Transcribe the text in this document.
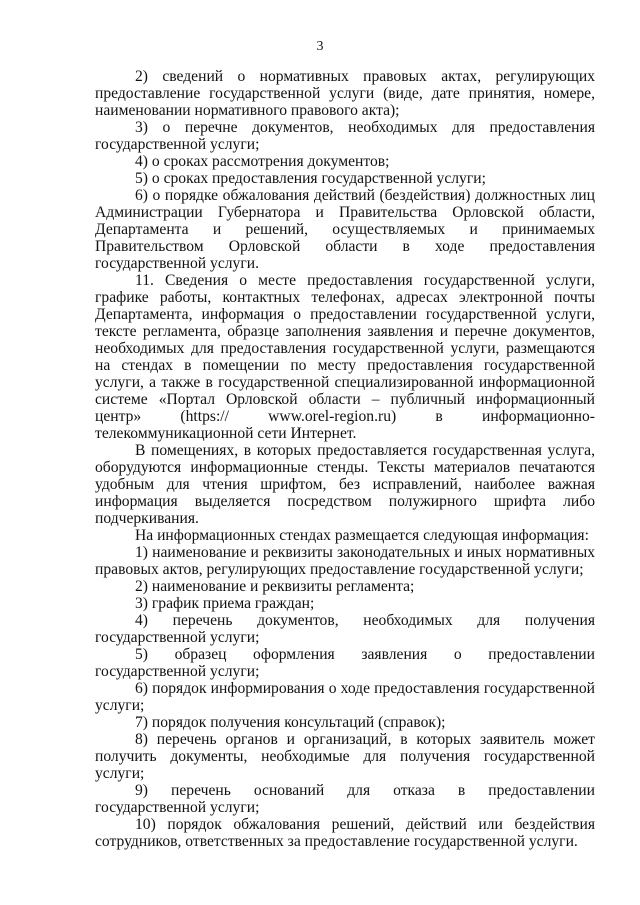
3

2) сведений о нормативных правовых актах, регулирующих предоставление государственной услуги (виде, дате принятия, номере, наименовании нормативного правового акта);

3) о перечне документов, необходимых для предоставления государственной услуги;

4) о сроках рассмотрения документов;

5) о сроках предоставления государственной услуги;

6) о порядке обжалования действий (бездействия) должностных лиц Администрации Губернатора и Правительства Орловской области, Департамента и решений, осуществляемых и принимаемых Правительством Орловской области в ходе предоставления государственной услуги.

11. Сведения о месте предоставления государственной услуги, графике работы, контактных телефонах, адресах электронной почты Департамента, информация о предоставлении государственной услуги, тексте регламента, образце заполнения заявления и перечне документов, необходимых для предоставления государственной услуги, размещаются на стендах в помещении по месту предоставления государственной услуги, а также в государственной специализированной информационной системе «Портал Орловской области – публичный информационный центр» (https:// www.orel-region.ru) в информационно-телекоммуникационной сети Интернет.

В помещениях, в которых предоставляется государственная услуга, оборудуются информационные стенды. Тексты материалов печатаются удобным для чтения шрифтом, без исправлений, наиболее важная информация выделяется посредством полужирного шрифта либо подчеркивания.

На информационных стендах размещается следующая информация:

1) наименование и реквизиты законодательных и иных нормативных правовых актов, регулирующих предоставление государственной услуги;

2) наименование и реквизиты регламента;

3) график приема граждан;

4) перечень документов, необходимых для получения государственной услуги;

5) образец оформления заявления о предоставлении государственной услуги;

6) порядок информирования о ходе предоставления государственной услуги;

7) порядок получения консультаций (справок);

8) перечень органов и организаций, в которых заявитель может получить документы, необходимые для получения государственной услуги;

9) перечень оснований для отказа в предоставлении государственной услуги;

10) порядок обжалования решений, действий или бездействия сотрудников, ответственных за предоставление государственной услуги.
